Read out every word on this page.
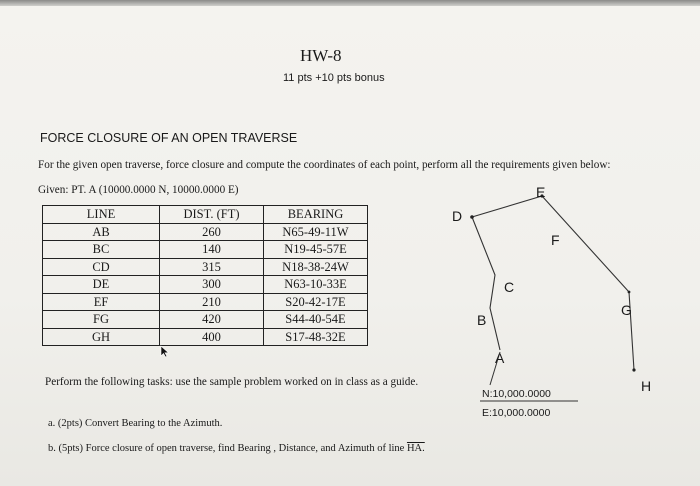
HW-8
11 pts +10 pts bonus
FORCE CLOSURE OF AN OPEN TRAVERSE
For the given open traverse, force closure and compute the coordinates of each point, perform all the requirements given below:
Given: PT. A (10000.0000 N, 10000.0000 E)
LINE	DIST. (FT)	BEARING
AB	260	N65-49-11W
BC	140	N19-45-57E
CD	315	N18-38-24W
DE	300	N63-10-33E
EF	210	S20-42-17E
FG	420	S44-40-54E
GH	400	S17-48-32E
Perform the following tasks: use the sample problem worked on in class as a guide.
a. (2pts) Convert Bearing to the Azimuth.
b. (5pts) Force closure of open traverse, find Bearing , Distance, and Azimuth of line HA.
D
E
F
G
H
C
B
A
N:10,000.0000
E:10,000.0000
